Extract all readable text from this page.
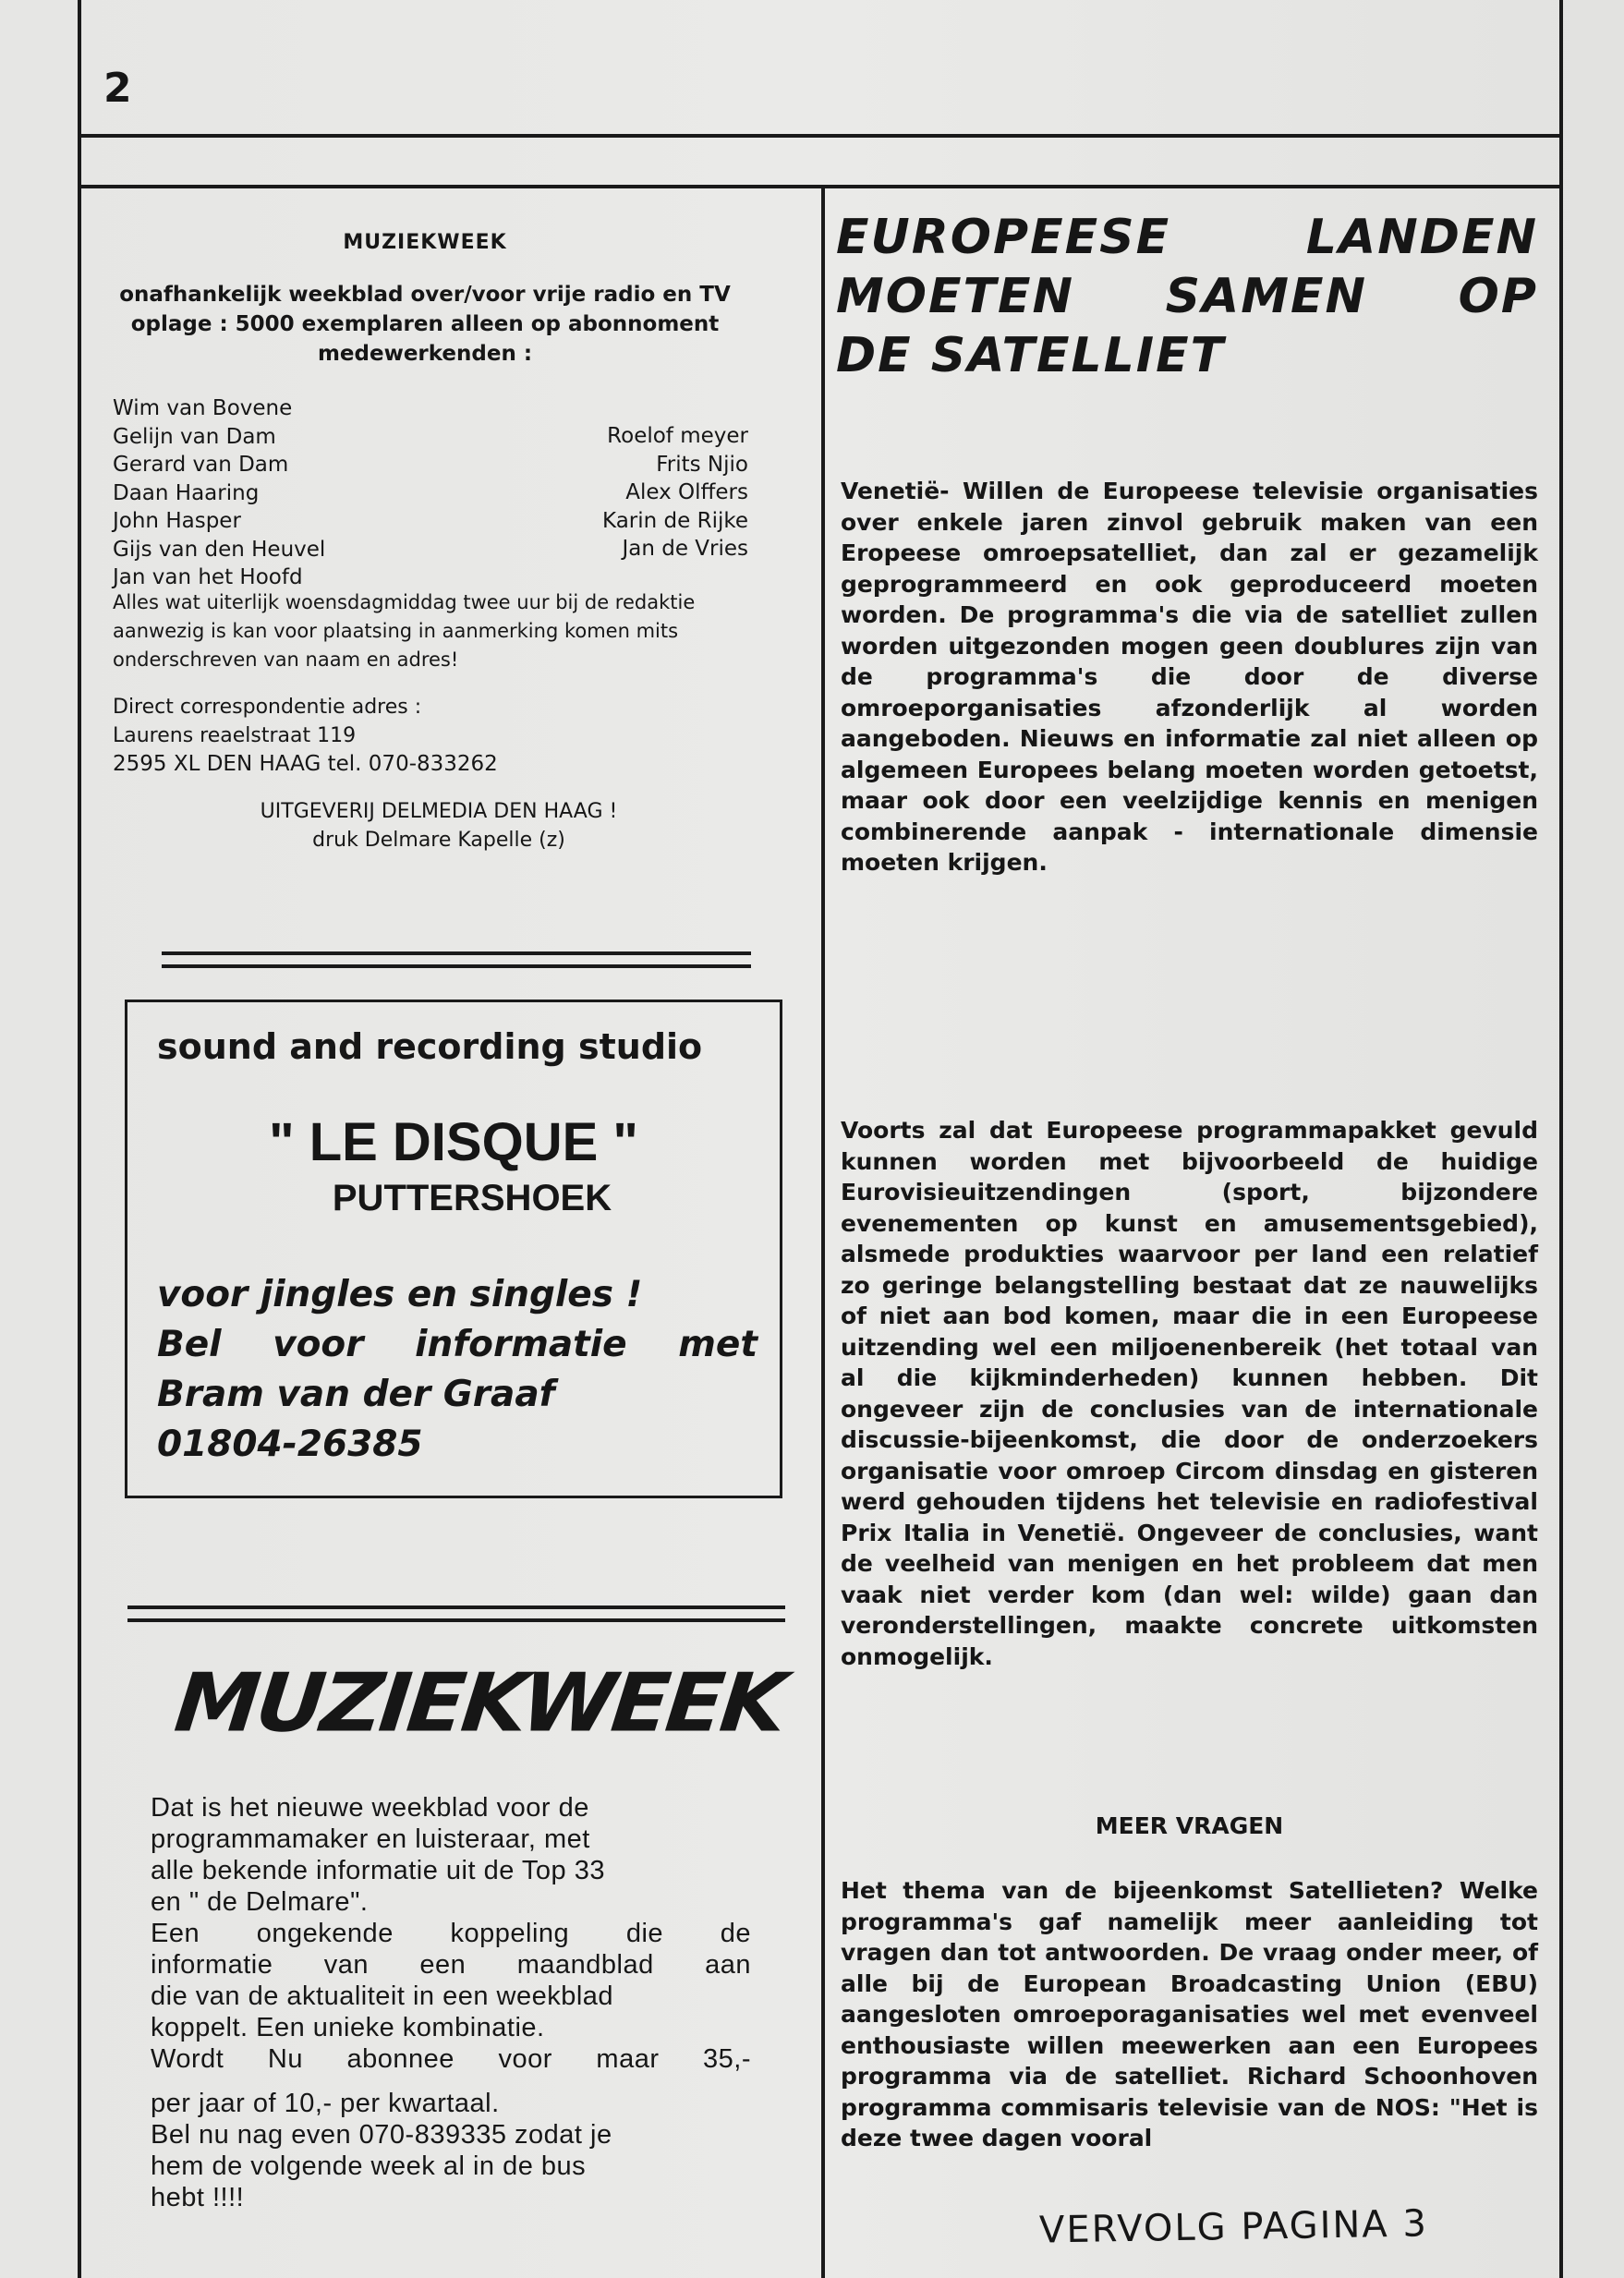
2
MUZIEKWEEK
onafhankelijk weekblad over/voor vrije radio en TV
oplage : 5000 exemplaren alleen op abonnoment
medewerkenden :
Wim van Bovene
Gelijn van Dam
Gerard van Dam
Daan Haaring
John Hasper
Gijs van den Heuvel
Jan van het Hoofd
Roelof meyer
Frits Njio
Alex Olffers
Karin de Rijke
Jan de Vries
Alles wat uiterlijk woensdagmiddag twee uur bij de redaktie aanwezig is kan voor plaatsing in aanmerking komen mits onderschreven van naam en adres!
Direct correspondentie adres :
Laurens reaelstraat 119
2595 XL DEN HAAG tel. 070-833262
UITGEVERIJ DELMEDIA DEN HAAG !
druk Delmare Kapelle (z)
sound and recording studio
" LE DISQUE "
PUTTERSHOEK
voor jingles en singles !
Bel voor informatie met
Bram van der Graaf
01804-26385
MUZIEKWEEK
Dat is het nieuwe weekblad voor de
programmamaker en luisteraar, met
alle bekende informatie uit de Top 33
en " de Delmare".
Een ongekende koppeling die de
informatie van een maandblad aan
die van de aktualiteit in een weekblad
koppelt. Een unieke kombinatie.
Wordt Nu abonnee voor maar 35,-
per jaar of 10,- per kwartaal.
Bel nu nag even 070-839335 zodat je
hem de volgende week al in de bus
hebt !!!!
EUROPEESE LANDEN
MOETEN SAMEN OP
DE SATELLIET
Venetië- Willen de Europeese televisie organisaties over enkele jaren zinvol gebruik maken van een Eropeese omroepsatelliet, dan zal er gezamelijk geprogrammeerd en ook geproduceerd moeten worden. De programma's die via de satelliet zullen worden uitgezonden mogen geen doublures zijn van de programma's die door de diverse omroeporganisaties afzonderlijk al worden aangeboden. Nieuws en informatie zal niet alleen op algemeen Europees belang moeten worden getoetst, maar ook door een veelzijdige kennis en menigen combinerende aanpak - internationale dimensie moeten krijgen.
Voorts zal dat Europeese programmapakket gevuld kunnen worden met bijvoorbeeld de huidige Eurovisieuitzendingen (sport, bijzondere evenementen op kunst en amusementsgebied), alsmede produkties waarvoor per land een relatief zo geringe belangstelling bestaat dat ze nauwelijks of niet aan bod komen, maar die in een Europeese uitzending wel een miljoenenbereik (het totaal van al die kijkminderheden) kunnen hebben. Dit ongeveer zijn de conclusies van de internationale discussie-bijeenkomst, die door de onderzoekers organisatie voor omroep Circom dinsdag en gisteren werd gehouden tijdens het televisie en radiofestival Prix Italia in Venetië. Ongeveer de conclusies, want de veelheid van menigen en het probleem dat men vaak niet verder kom (dan wel: wilde) gaan dan veronderstellingen, maakte concrete uitkomsten onmogelijk.
MEER VRAGEN
Het thema van de bijeenkomst Satellieten? Welke programma's gaf namelijk meer aanleiding tot vragen dan tot antwoorden. De vraag onder meer, of alle bij de European Broadcasting Union (EBU) aangesloten omroeporaganisaties wel met evenveel enthousiaste willen meewerken aan een Europees programma via de satelliet. Richard Schoonhoven programma commisaris televisie van de NOS: "Het is deze twee dagen vooral
VERVOLG PAGINA 3
